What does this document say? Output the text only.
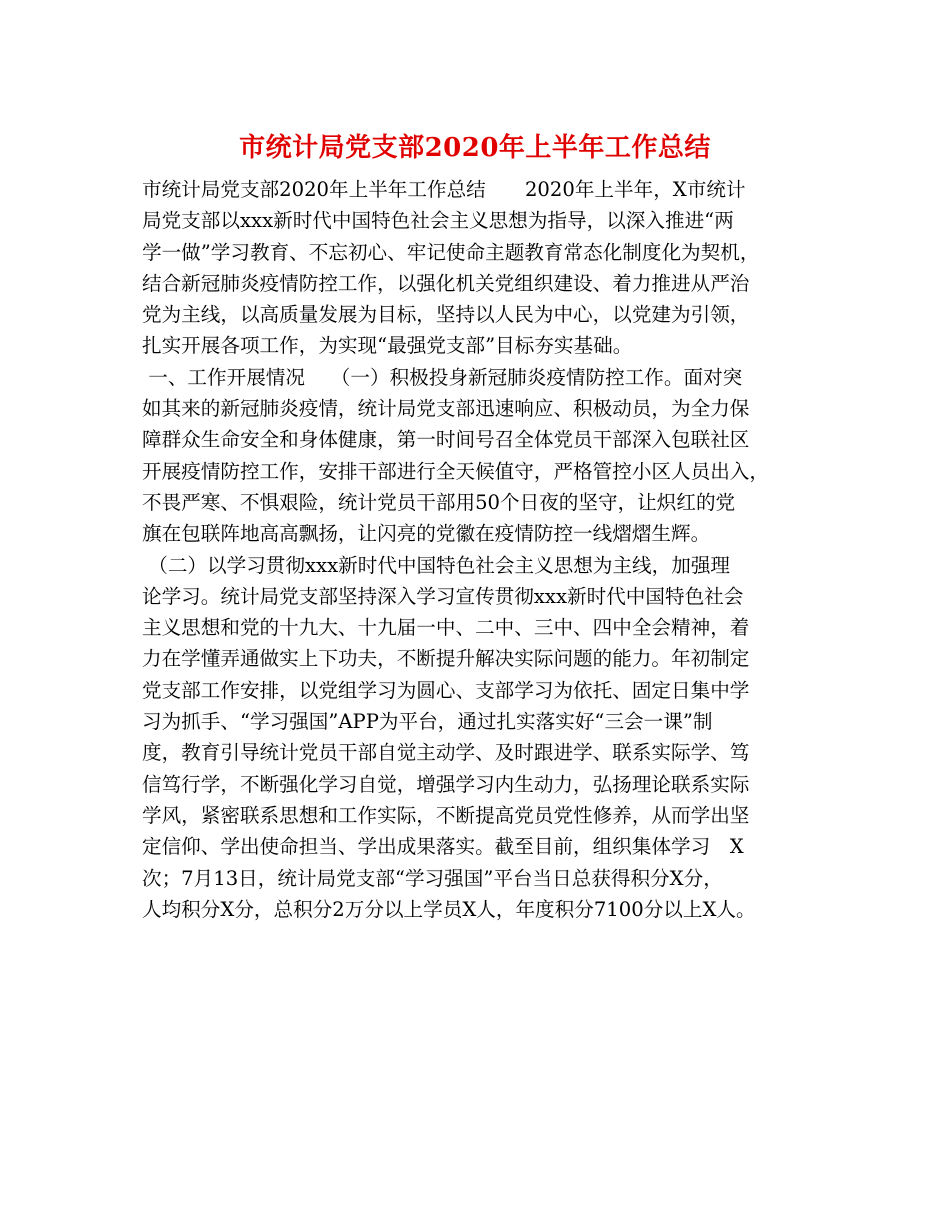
市统计局党支部2020年上半年工作总结
市统计局党支部2020年上半年工作总结　　2020年上半年，X市统计
局党支部以xxx新时代中国特色社会主义思想为指导，以深入推进“两
学一做”学习教育、不忘初心、牢记使命主题教育常态化制度化为契机，
结合新冠肺炎疫情防控工作，以强化机关党组织建设、着力推进从严治
党为主线，以高质量发展为目标，坚持以人民为中心，以党建为引领，
扎实开展各项工作，为实现“最强党支部”目标夯实基础。
一、工作开展情况　 （一）积极投身新冠肺炎疫情防控工作。面对突
如其来的新冠肺炎疫情，统计局党支部迅速响应、积极动员，为全力保
障群众生命安全和身体健康，第一时间号召全体党员干部深入包联社区
开展疫情防控工作，安排干部进行全天候值守，严格管控小区人员出入，
不畏严寒、不惧艰险，统计党员干部用50个日夜的坚守，让炽红的党
旗在包联阵地高高飘扬，让闪亮的党徽在疫情防控一线熠熠生辉。
（二）以学习贯彻xxx新时代中国特色社会主义思想为主线，加强理
论学习。统计局党支部坚持深入学习宣传贯彻xxx新时代中国特色社会
主义思想和党的十九大、十九届一中、二中、三中、四中全会精神，着
力在学懂弄通做实上下功夫，不断提升解决实际问题的能力。年初制定
党支部工作安排，以党组学习为圆心、支部学习为依托、固定日集中学
习为抓手、“学习强国”APP为平台，通过扎实落实好“三会一课”制
度，教育引导统计党员干部自觉主动学、及时跟进学、联系实际学、笃
信笃行学，不断强化学习自觉，增强学习内生动力，弘扬理论联系实际
学风，紧密联系思想和工作实际，不断提高党员党性修养，从而学出坚
定信仰、学出使命担当、学出成果落实。截至目前，组织集体学习　X
次；7月13日，统计局党支部“学习强国”平台当日总获得积分X分，
人均积分X分，总积分2万分以上学员X人，年度积分7100分以上X人。
